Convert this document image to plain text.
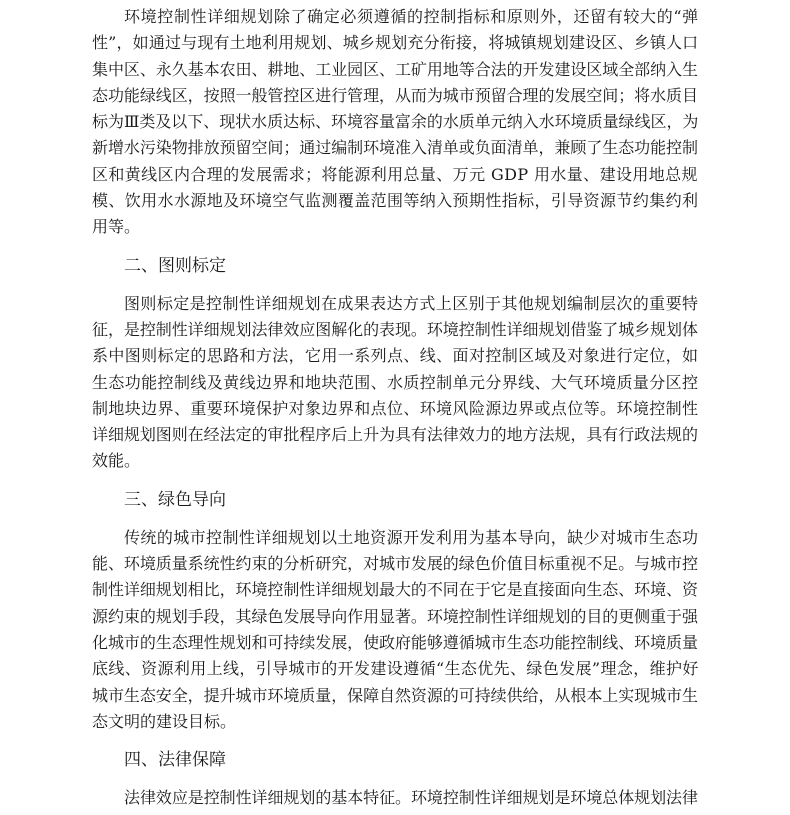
环境控制性详细规划除了确定必须遵循的控制指标和原则外，还留有较大的“弹
性”，如通过与现有土地利用规划、城乡规划充分衔接，将城镇规划建设区、乡镇人口
集中区、永久基本农田、耕地、工业园区、工矿用地等合法的开发建设区域全部纳入生
态功能绿线区，按照一般管控区进行管理，从而为城市预留合理的发展空间；将水质目
标为Ⅲ类及以下、现状水质达标、环境容量富余的水质单元纳入水环境质量绿线区，为
新增水污染物排放预留空间；通过编制环境准入清单或负面清单，兼顾了生态功能控制
区和黄线区内合理的发展需求；将能源利用总量、万元 GDP 用水量、建设用地总规
模、饮用水水源地及环境空气监测覆盖范围等纳入预期性指标，引导资源节约集约利
用等。
二、图则标定
图则标定是控制性详细规划在成果表达方式上区别于其他规划编制层次的重要特
征，是控制性详细规划法律效应图解化的表现。环境控制性详细规划借鉴了城乡规划体
系中图则标定的思路和方法，它用一系列点、线、面对控制区域及对象进行定位，如
生态功能控制线及黄线边界和地块范围、水质控制单元分界线、大气环境质量分区控
制地块边界、重要环境保护对象边界和点位、环境风险源边界或点位等。环境控制性
详细规划图则在经法定的审批程序后上升为具有法律效力的地方法规，具有行政法规的
效能。
三、绿色导向
传统的城市控制性详细规划以土地资源开发利用为基本导向，缺少对城市生态功
能、环境质量系统性约束的分析研究，对城市发展的绿色价值目标重视不足。与城市控
制性详细规划相比，环境控制性详细规划最大的不同在于它是直接面向生态、环境、资
源约束的规划手段，其绿色发展导向作用显著。环境控制性详细规划的目的更侧重于强
化城市的生态理性规划和可持续发展，使政府能够遵循城市生态功能控制线、环境质量
底线、资源利用上线，引导城市的开发建设遵循“生态优先、绿色发展”理念，维护好
城市生态安全，提升城市环境质量，保障自然资源的可持续供给，从根本上实现城市生
态文明的建设目标。
四、法律保障
法律效应是控制性详细规划的基本特征。环境控制性详细规划是环境总体规划法律
